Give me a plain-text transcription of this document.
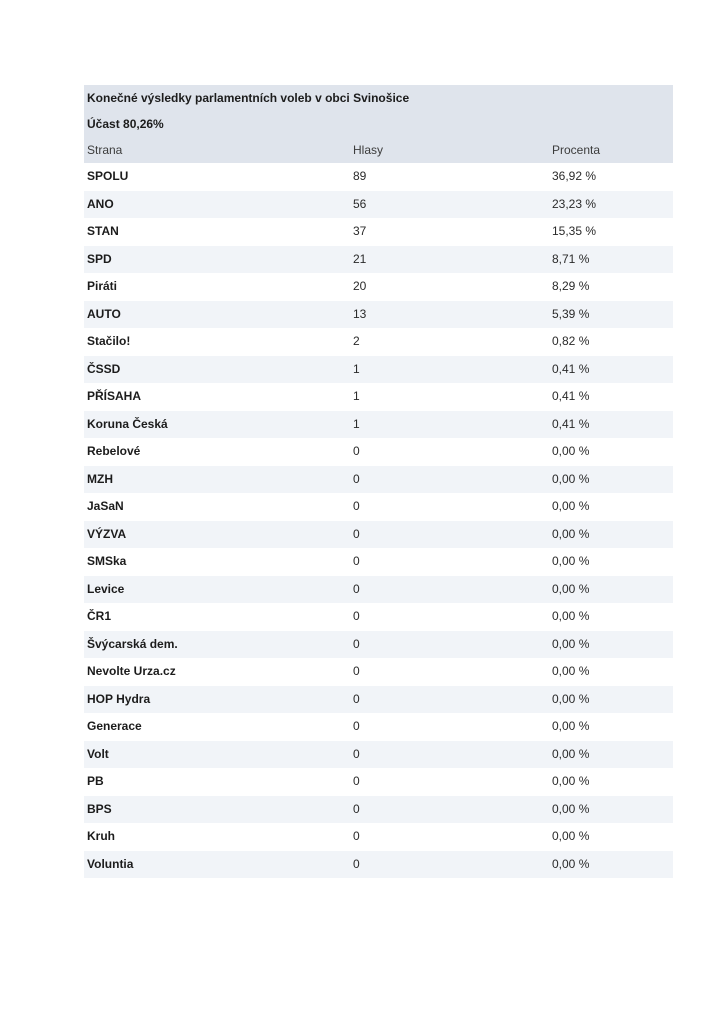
Konečné výsledky parlamentních voleb v obci Svinošice
Účast 80,26%
Strana	Hlasy	Procenta
SPOLU	89	36,92 %
ANO	56	23,23 %
STAN	37	15,35 %
SPD	21	8,71 %
Piráti	20	8,29 %
AUTO	13	5,39 %
Stačilo!	2	0,82 %
ČSSD	1	0,41 %
PŘÍSAHA	1	0,41 %
Koruna Česká	1	0,41 %
Rebelové	0	0,00 %
MZH	0	0,00 %
JaSaN	0	0,00 %
VÝZVA	0	0,00 %
SMSka	0	0,00 %
Levice	0	0,00 %
ČR1	0	0,00 %
Švýcarská dem.	0	0,00 %
Nevolte Urza.cz	0	0,00 %
HOP Hydra	0	0,00 %
Generace	0	0,00 %
Volt	0	0,00 %
PB	0	0,00 %
BPS	0	0,00 %
Kruh	0	0,00 %
Voluntia	0	0,00 %
